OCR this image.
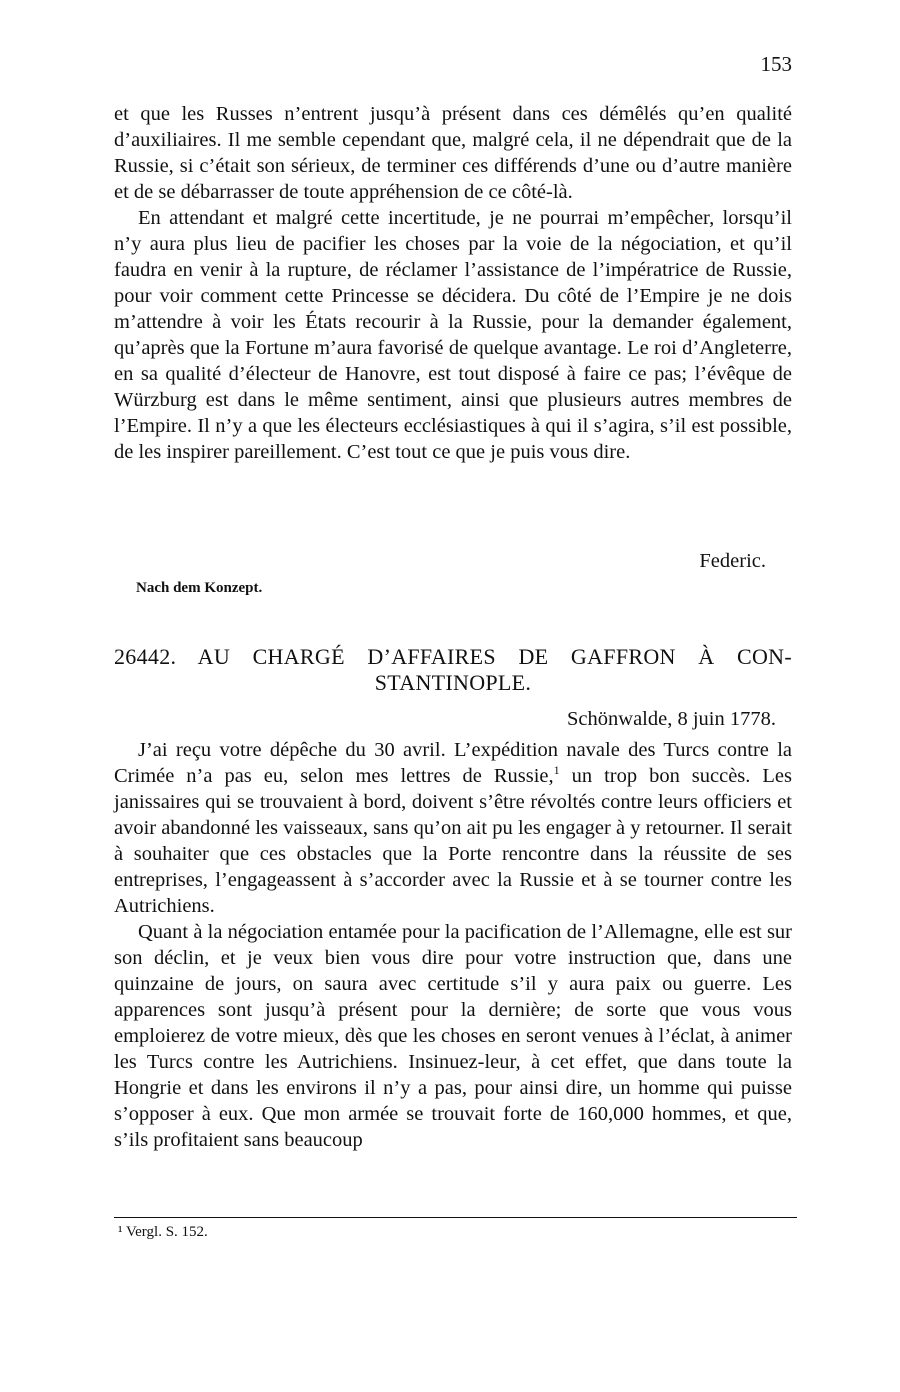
153

et que les Russes n’entrent jusqu’à présent dans ces démêlés qu’en qualité d’auxiliaires. Il me semble cependant que, malgré cela, il ne dépendrait que de la Russie, si c’était son sérieux, de terminer ces différends d’une ou d’autre manière et de se débarrasser de toute appréhension de ce côté-là.

En attendant et malgré cette incertitude, je ne pourrai m’empêcher, lorsqu’il n’y aura plus lieu de pacifier les choses par la voie de la négociation, et qu’il faudra en venir à la rupture, de réclamer l’assistance de l’impératrice de Russie, pour voir comment cette Princesse se décidera. Du côté de l’Empire je ne dois m’attendre à voir les États recourir à la Russie, pour la demander également, qu’après que la Fortune m’aura favorisé de quelque avantage. Le roi d’Angleterre, en sa qualité d’électeur de Hanovre, est tout disposé à faire ce pas; l’évêque de Würzburg est dans le même sentiment, ainsi que plusieurs autres membres de l’Empire. Il n’y a que les électeurs ecclésiastiques à qui il s’agira, s’il est possible, de les inspirer pareillement. C’est tout ce que je puis vous dire.

Federic.
Nach dem Konzept.
26442. AU CHARGÉ D’AFFAIRES DE GAFFRON À CON-
STANTINOPLE.
Schönwalde, 8 juin 1778.

J’ai reçu votre dépêche du 30 avril. L’expédition navale des Turcs contre la Crimée n’a pas eu, selon mes lettres de Russie,$^1$ un trop bon succès. Les janissaires qui se trouvaient à bord, doivent s’être révoltés contre leurs officiers et avoir abandonné les vaisseaux, sans qu’on ait pu les engager à y retourner. Il serait à souhaiter que ces obstacles que la Porte rencontre dans la réussite de ses entreprises, l’engageassent à s’accorder avec la Russie et à se tourner contre les Autrichiens.

Quant à la négociation entamée pour la pacification de l’Allemagne, elle est sur son déclin, et je veux bien vous dire pour votre instruction que, dans une quinzaine de jours, on saura avec certitude s’il y aura paix ou guerre. Les apparences sont jusqu’à présent pour la dernière; de sorte que vous vous emploierez de votre mieux, dès que les choses en seront venues à l’éclat, à animer les Turcs contre les Autrichiens. Insinuez-leur, à cet effet, que dans toute la Hongrie et dans les environs il n’y a pas, pour ainsi dire, un homme qui puisse s’opposer à eux. Que mon armée se trouvait forte de 160,000 hommes, et que, s’ils profitaient sans beaucoup

¹ Vergl. S. 152.
